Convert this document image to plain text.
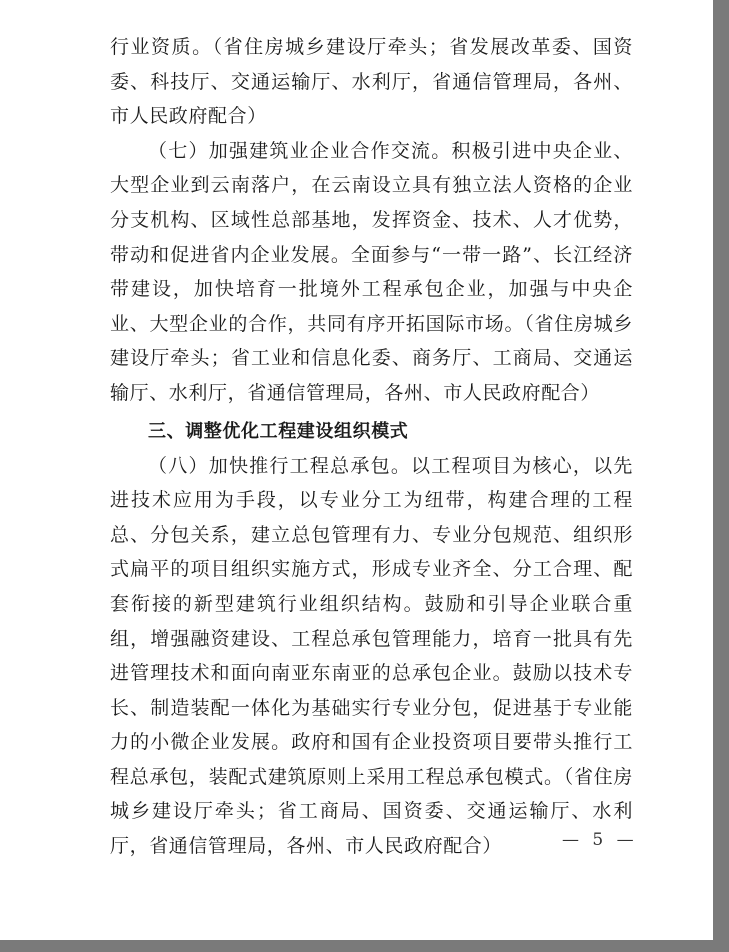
行业资质。（省住房城乡建设厅牵头；省发展改革委、国资委、科技厅、交通运输厅、水利厅，省通信管理局，各州、市人民政府配合）

（七）加强建筑业企业合作交流。积极引进中央企业、大型企业到云南落户，在云南设立具有独立法人资格的企业分支机构、区域性总部基地，发挥资金、技术、人才优势，带动和促进省内企业发展。全面参与“一带一路”、长江经济带建设，加快培育一批境外工程承包企业，加强与中央企业、大型企业的合作，共同有序开拓国际市场。（省住房城乡建设厅牵头；省工业和信息化委、商务厅、工商局、交通运输厅、水利厅，省通信管理局，各州、市人民政府配合）

三、调整优化工程建设组织模式

（八）加快推行工程总承包。以工程项目为核心，以先进技术应用为手段，以专业分工为纽带，构建合理的工程总、分包关系，建立总包管理有力、专业分包规范、组织形式扁平的项目组织实施方式，形成专业齐全、分工合理、配套衔接的新型建筑行业组织结构。鼓励和引导企业联合重组，增强融资建设、工程总承包管理能力，培育一批具有先进管理技术和面向南亚东南亚的总承包企业。鼓励以技术专长、制造装配一体化为基础实行专业分包，促进基于专业能力的小微企业发展。政府和国有企业投资项目要带头推行工程总承包，装配式建筑原则上采用工程总承包模式。（省住房城乡建设厅牵头；省工商局、国资委、交通运输厅、水利厅，省通信管理局，各州、市人民政府配合）	— 5 —
